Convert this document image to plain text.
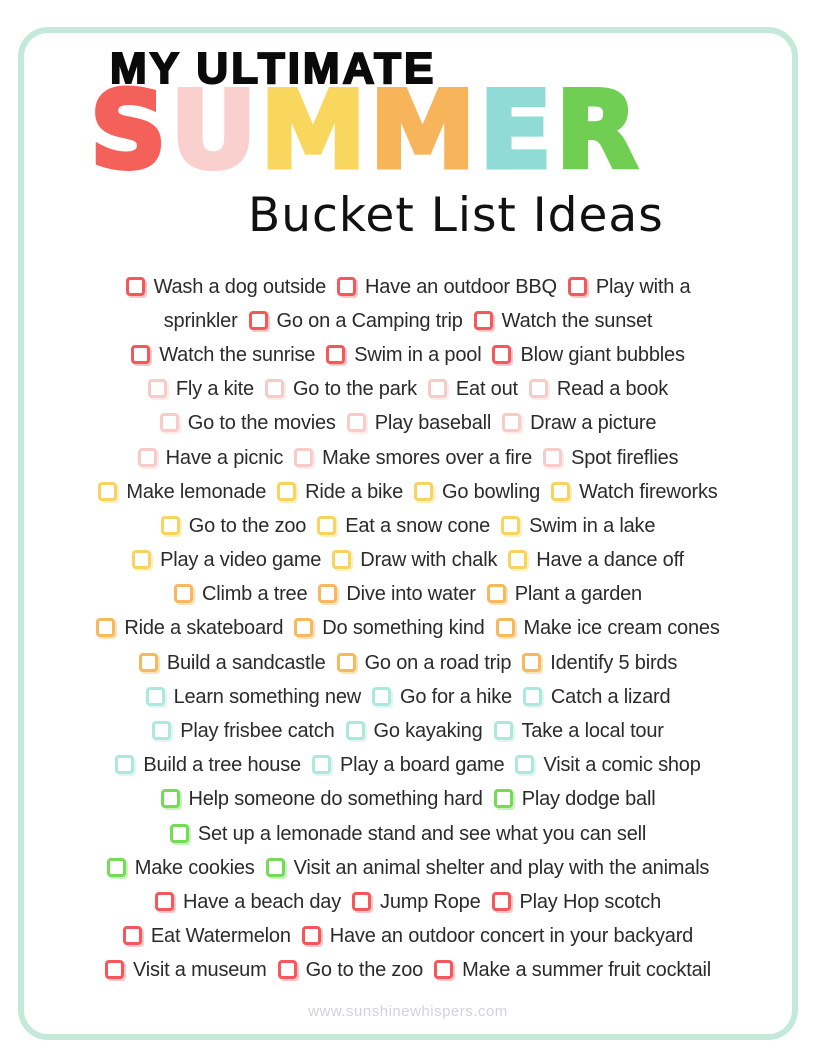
MY ULTIMATE
SUMMER
Bucket List Ideas
Wash a dog outside Have an outdoor BBQ Play with a
sprinkler Go on a Camping trip Watch the sunset
Watch the sunrise Swim in a pool Blow giant bubbles
Fly a kite Go to the park Eat out Read a book
Go to the movies Play baseball Draw a picture
Have a picnic Make smores over a fire Spot fireflies
Make lemonade Ride a bike Go bowling Watch fireworks
Go to the zoo Eat a snow cone Swim in a lake
Play a video game Draw with chalk Have a dance off
Climb a tree Dive into water Plant a garden
Ride a skateboard Do something kind Make ice cream cones
Build a sandcastle Go on a road trip Identify 5 birds
Learn something new Go for a hike Catch a lizard
Play frisbee catch Go kayaking Take a local tour
Build a tree house Play a board game Visit a comic shop
Help someone do something hard Play dodge ball
Set up a lemonade stand and see what you can sell
Make cookies Visit an animal shelter and play with the animals
Have a beach day Jump Rope Play Hop scotch
Eat Watermelon Have an outdoor concert in your backyard
Visit a museum Go to the zoo Make a summer fruit cocktail
www.sunshinewhispers.com
